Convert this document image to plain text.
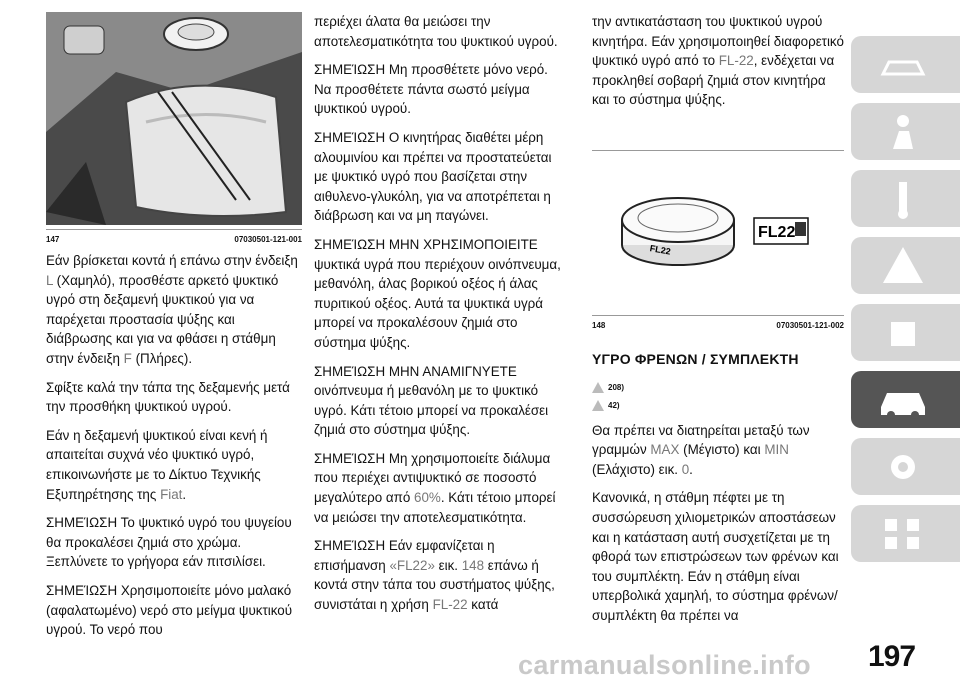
147	07030501-121-001

Εάν βρίσκεται κοντά ή επάνω στην ένδειξη L (Χαμηλό), προσθέστε αρκετό ψυκτικό υγρό στη δεξαμενή ψυκτικού για να παρέχεται προστασία ψύξης και διάβρωσης και για να φθάσει η στάθμη στην ένδειξη F (Πλήρες).

Σφίξτε καλά την τάπα της δεξαμενής μετά την προσθήκη ψυκτικού υγρού.

Εάν η δεξαμενή ψυκτικού είναι κενή ή απαιτείται συχνά νέο ψυκτικό υγρό, επικοινωνήστε με το Δίκτυο Τεχνικής Εξυπηρέτησης της Fiat.

ΣΗΜΕΊΩΣΗ Το ψυκτικό υγρό του ψυγείου θα προκαλέσει ζημιά στο χρώμα. Ξεπλύνετε το γρήγορα εάν πιτσιλίσει.

ΣΗΜΕΊΩΣΗ Χρησιμοποιείτε μόνο μαλακό (αφαλατωμένο) νερό στο μείγμα ψυκτικού υγρού. Το νερό που

περιέχει άλατα θα μειώσει την αποτελεσματικότητα του ψυκτικού υγρού.

ΣΗΜΕΊΩΣΗ Μη προσθέτετε μόνο νερό. Να προσθέτετε πάντα σωστό μείγμα ψυκτικού υγρού.

ΣΗΜΕΊΩΣΗ Ο κινητήρας διαθέτει μέρη αλουμινίου και πρέπει να προστατεύεται με ψυκτικό υγρό που βασίζεται στην αιθυλενο-γλυκόλη, για να αποτρέπεται η διάβρωση και να μη παγώνει.

ΣΗΜΕΊΩΣΗ ΜΗΝ ΧΡΗΣΙΜΟΠΟΙΕΙΤΕ ψυκτικά υγρά που περιέχουν οινόπνευμα, μεθανόλη, άλας βορικού οξέος ή άλας πυριτικού οξέος. Αυτά τα ψυκτικά υγρά μπορεί να προκαλέσουν ζημιά στο σύστημα ψύξης.

ΣΗΜΕΊΩΣΗ ΜΗΝ ΑΝΑΜΙΓΝΥΕΤΕ οινόπνευμα ή μεθανόλη με το ψυκτικό υγρό. Κάτι τέτοιο μπορεί να προκαλέσει ζημιά στο σύστημα ψύξης.

ΣΗΜΕΊΩΣΗ Μη χρησιμοποιείτε διάλυμα που περιέχει αντιψυκτικό σε ποσοστό μεγαλύτερο από 60%. Κάτι τέτοιο μπορεί να μειώσει την αποτελεσματικότητα.

ΣΗΜΕΊΩΣΗ Εάν εμφανίζεται η επισήμανση «FL22» εικ. 148 επάνω ή κοντά στην τάπα του συστήματος ψύξης, συνιστάται η χρήση FL-22 κατά

την αντικατάσταση του ψυκτικού υγρού κινητήρα. Εάν χρησιμοποιηθεί διαφορετικό ψυκτικό υγρό από το FL-22, ενδέχεται να προκληθεί σοβαρή ζημιά στον κινητήρα και το σύστημα ψύξης.

FL22
FL22
148	07030501-121-002

ΥΓΡΟ ΦΡΕΝΩΝ / ΣΥΜΠΛΕΚΤΗ

208)
42)

Θα πρέπει να διατηρείται μεταξύ των γραμμών MAX (Μέγιστο) και MIN (Ελάχιστο) εικ. 0.

Κανονικά, η στάθμη πέφτει με τη συσσώρευση χιλιομετρικών αποστάσεων και η κατάσταση αυτή συσχετίζεται με τη φθορά των επιστρώσεων των φρένων και του συμπλέκτη. Εάν η στάθμη είναι υπερβολικά χαμηλή, το σύστημα φρένων/συμπλέκτη θα πρέπει να

carmanualsonline.info 197
